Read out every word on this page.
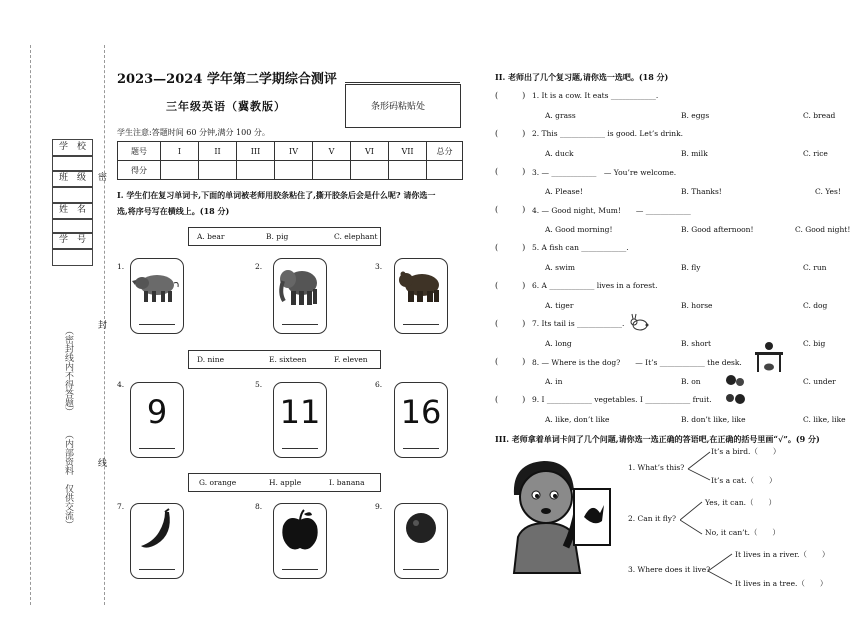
学　校
班　级
姓　名
学　号
密
封
线
（密封线内不得答题）
（内部资料　仅供交流）
2023—2024 学年第二学期综合测评
三年级英语（冀教版）	条形码粘贴处
学生注意:答题时间 60 分钟,满分 100 分。
题号	I	II	III	IV	V	VI	VII	总分
得分								
I. 学生们在复习单词卡,下面的单词被老师用胶条粘住了,撕开胶条后会是什么呢? 请你选一
选,将序号写在横线上。(18 分)
A. bear	B. pig	C. elephant
1.	2.	3.
D. nine	E. sixteen	F. eleven
4.	5.	6.
9	11	16
G. orange	H. apple	I. banana
7.	8.	9.
II. 老师出了几个复习题,请你选一选吧。(18 分)
(　　　) 1. It is a cow. It eats ____________.
A. grass	B. eggs	C. bread
(　　　) 2. This ____________ is good. Let’s drink.
A. duck	B. milk	C. rice
(　　　) 3. — ____________　— You’re welcome.
A. Please!	B. Thanks!	C. Yes!
(　　　) 4. — Good night, Mum!　　— ____________
A. Good morning!	B. Good afternoon!	C. Good night!
(　　　) 5. A fish can ____________.
A. swim	B. fly	C. run
(　　　) 6. A ____________ lives in a forest.
A. tiger	B. horse	C. dog
(　　　) 7. Its tail is ____________.
A. long	B. short	C. big
(　　　) 8. — Where is the dog?　　— It’s ____________ the desk.
A. in	B. on	C. under
(　　　) 9. I ____________ vegetables. I ____________ fruit.
A. like, don’t like	B. don’t like, like	C. like, like
III. 老师拿着单词卡问了几个问题,请你选一选正确的答语吧,在正确的括号里画“√”。(9 分)
1. What’s this?
It’s a bird.（　　）
It’s a cat.（　　）
2. Can it fly?
Yes, it can.（　　）
No, it can’t.（　　）
3. Where does it live?
It lives in a river.（　　）
It lives in a tree.（　　）
